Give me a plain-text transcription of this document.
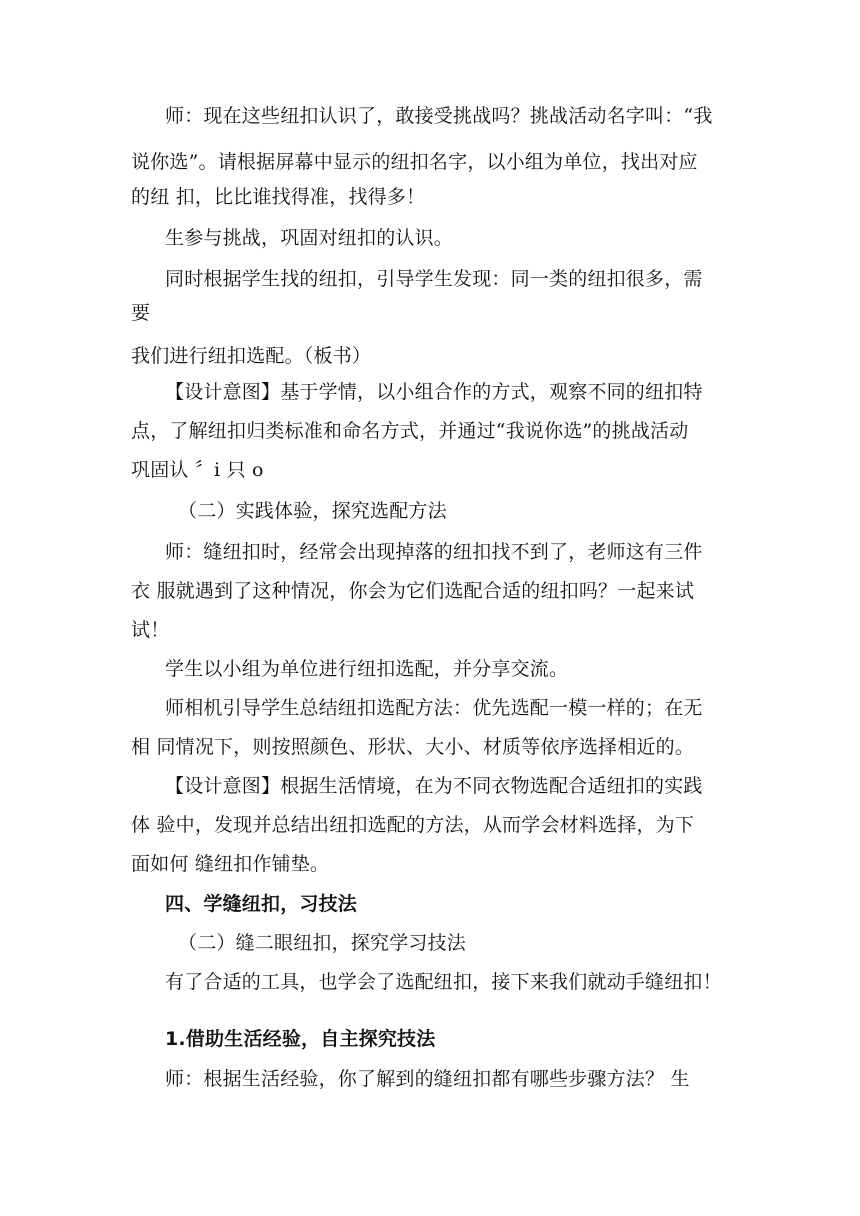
师：现在这些纽扣认识了，敢接受挑战吗？挑战活动名字叫：“我
说你选”。请根据屏幕中显示的纽扣名字，以小组为单位，找出对应
的纽 扣，比比谁找得准，找得多！
生参与挑战，巩固对纽扣的认识。
同时根据学生找的纽扣，引导学生发现：同一类的纽扣很多，需
要
我们进行纽扣选配。（板书）
【设计意图】基于学情，以小组合作的方式，观察不同的纽扣特
点，了解纽扣归类标准和命名方式，并通过“我说你选”的挑战活动
巩固认 〞i 只 o
（二）实践体验，探究选配方法
师：缝纽扣时，经常会出现掉落的纽扣找不到了，老师这有三件
衣 服就遇到了这种情况，你会为它们选配合适的纽扣吗？一起来试
试！
学生以小组为单位进行纽扣选配，并分享交流。
师相机引导学生总结纽扣选配方法：优先选配一模一样的；在无
相 同情况下，则按照颜色、形状、大小、材质等依序选择相近的。
【设计意图】根据生活情境，在为不同衣物选配合适纽扣的实践
体 验中，发现并总结出纽扣选配的方法，从而学会材料选择，为下
面如何 缝纽扣作铺垫。
四、学缝纽扣，习技法
（二）缝二眼纽扣，探究学习技法
有了合适的工具，也学会了选配纽扣，接下来我们就动手缝纽扣！
1.借助生活经验，自主探究技法
师：根据生活经验，你了解到的缝纽扣都有哪些步骤方法？ 生
